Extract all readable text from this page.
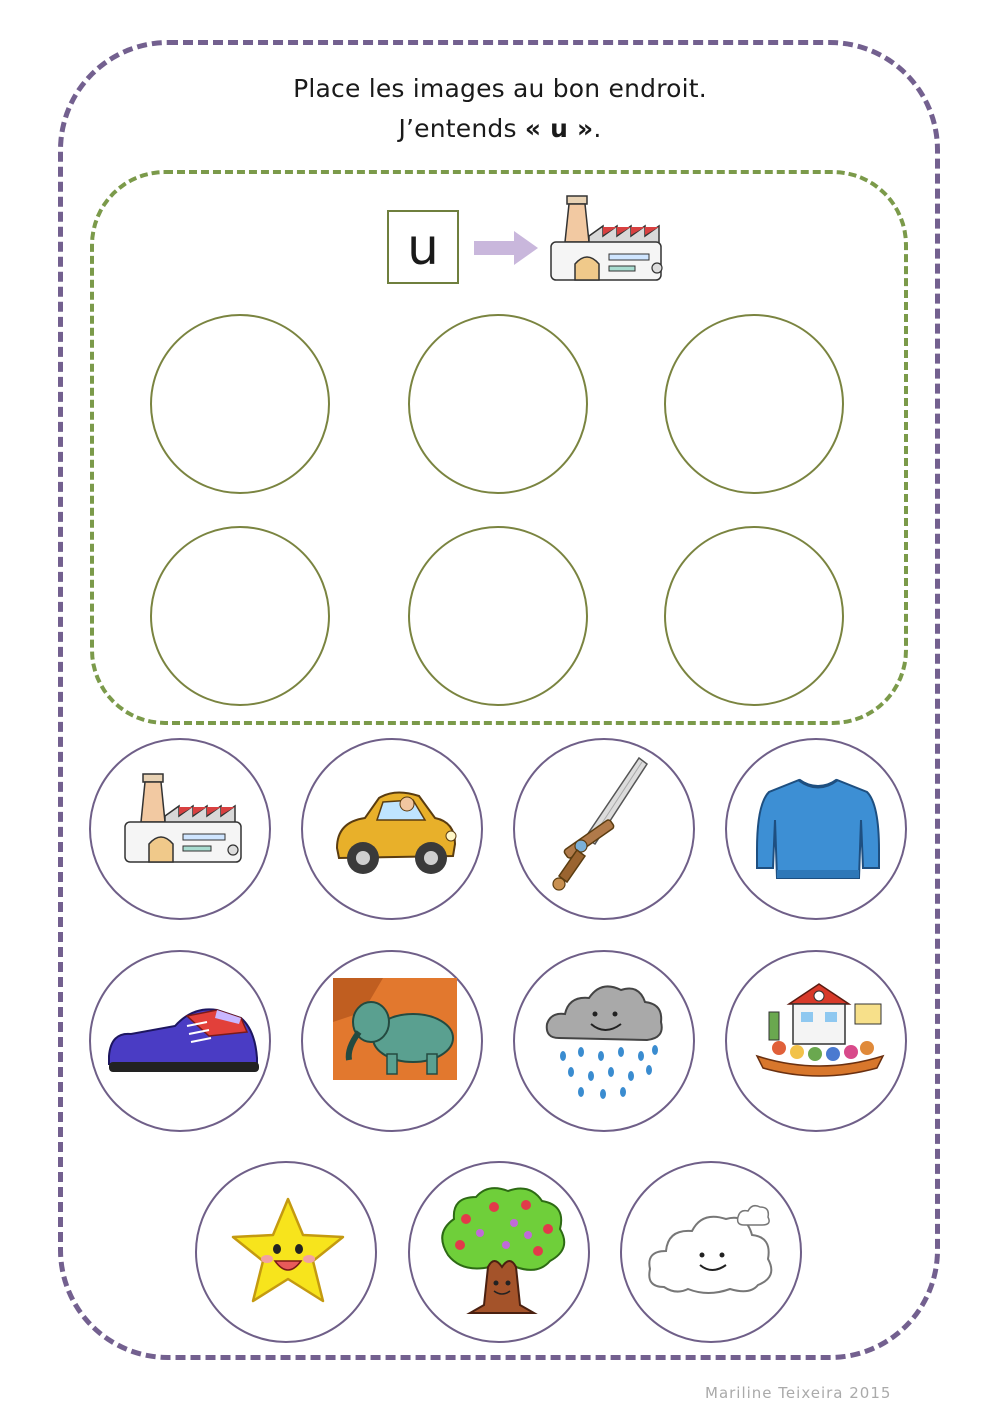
Place les images au bon endroit.
J’entends « u ».
u
Mariline Teixeira 2015
